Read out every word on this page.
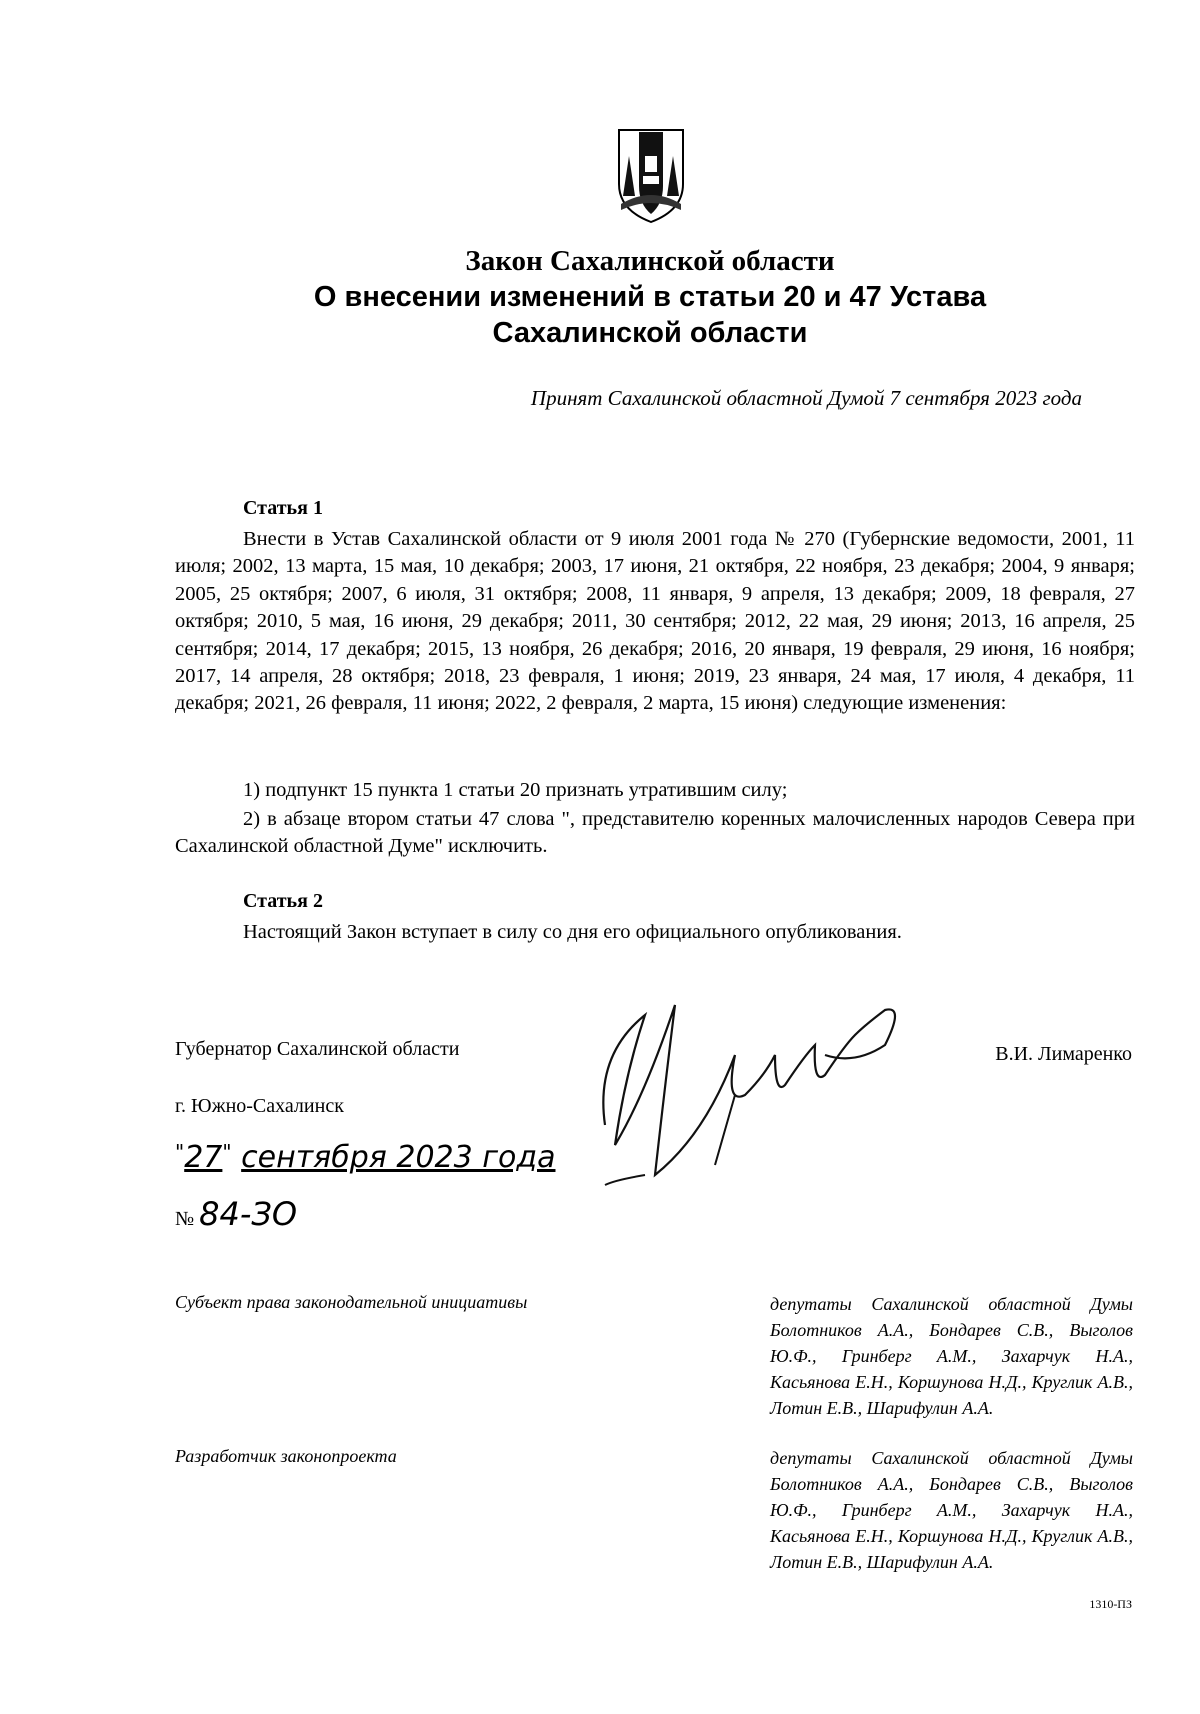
Закон Сахалинской области
О внесении изменений в статьи 20 и 47 Устава
Сахалинской области
Принят Сахалинской областной Думой 7 сентября 2023 года
Статья 1
Внести в Устав Сахалинской области от 9 июля 2001 года № 270 (Губернские ведомости, 2001, 11 июля; 2002, 13 марта, 15 мая, 10 декабря; 2003, 17 июня, 21 октября, 22 ноября, 23 декабря; 2004, 9 января; 2005, 25 октября; 2007, 6 июля, 31 октября; 2008, 11 января, 9 апреля, 13 декабря; 2009, 18 февраля, 27 октября; 2010, 5 мая, 16 июня, 29 декабря; 2011, 30 сентября; 2012, 22 мая, 29 июня; 2013, 16 апреля, 25 сентября; 2014, 17 декабря; 2015, 13 ноября, 26 декабря; 2016, 20 января, 19 февраля, 29 июня, 16 ноября; 2017, 14 апреля, 28 октября; 2018, 23 февраля, 1 июня; 2019, 23 января, 24 мая, 17 июля, 4 декабря, 11 декабря; 2021, 26 февраля, 11 июня; 2022, 2 февраля, 2 марта, 15 июня) следующие изменения:
1) подпункт 15 пункта 1 статьи 20 признать утратившим силу;
2) в абзаце втором статьи 47 слова ", представителю коренных малочисленных народов Севера при Сахалинской областной Думе" исключить.
Статья 2
Настоящий Закон вступает в силу со дня его официального опубликования.
Губернатор Сахалинской области	В.И. Лимаренко
г. Южно-Сахалинск
"27" сентября 2023 года
№ 84-ЗО
Субъект права законодательной инициативы	депутаты Сахалинской областной Думы Болотников А.А., Бондарев С.В., Выголов Ю.Ф., Гринберг А.М., Захарчук Н.А., Касьянова Е.Н., Коршунова Н.Д., Круглик А.В., Лотин Е.В., Шарифулин А.А.
Разработчик законопроекта	депутаты Сахалинской областной Думы Болотников А.А., Бондарев С.В., Выголов Ю.Ф., Гринберг А.М., Захарчук Н.А., Касьянова Е.Н., Коршунова Н.Д., Круглик А.В., Лотин Е.В., Шарифулин А.А.
1310-ПЗ
